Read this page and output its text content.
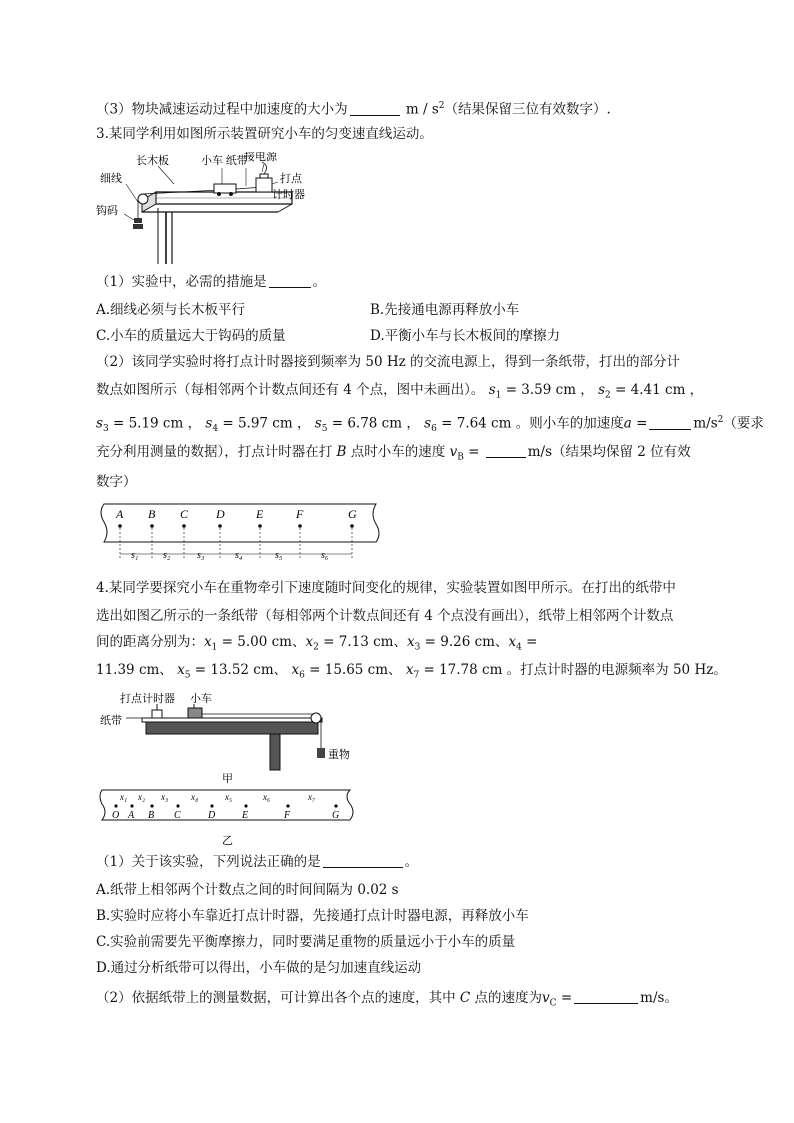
（3）物块减速运动过程中加速度的大小为	m / $s^2$（结果保留三位有效数字）.
3.某同学利用如图所示装置研究小车的匀变速直线运动。
长木板	小车 纸带
接电源
细线	打点
计时器
钩码
（1）实验中，必需的措施是	。
A.细线必须与长木板平行	B.先接通电源再释放小车
C.小车的质量远大于钩码的质量	D.平衡小车与长木板间的摩擦力
（2）该同学实验时将打点计时器接到频率为 50 Hz 的交流电源上，得到一条纸带，打出的部分计
数点如图所示（每相邻两个计数点间还有 4 个点，图中未画出）。 $s_1 = 3.59$ cm ， $s_2 = 4.41$ cm ，
$s_3 = 5.19$ cm ， $s_4 = 5.97$ cm ， $s_5 = 6.78$ cm ， $s_6 = 7.64$ cm 。则小车的加速度a =	$m/s^2$（要求
充分利用测量的数据），打点计时器在打 B 点时小车的速度 $v_B$ =	m/s（结果均保留 2 位有效
数字）
A B C D	E	F	G
s₁ s₂	s₃	s₄	s₅	s₆
4.某同学要探究小车在重物牵引下速度随时间变化的规律，实验装置如图甲所示。在打出的纸带中
选出如图乙所示的一条纸带（每相邻两个计数点间还有 4 个点没有画出），纸带上相邻两个计数点
间的距离分别为：$x_1 = 5.00$ cm、$x_2 = 7.13$ cm、$x_3 = 9.26$ cm、$x_4$ =
11.39 cm、 $x_5 = 13.52$ cm、 $x_6 = 15.65$ cm、 $x_7 = 17.78$ cm 。打点计时器的电源频率为 50 Hz。
打点计时器 小车
纸带
重物
甲
O A B C	D	E	F	G
x₁ x₂ x₃	x₄	x₅	x₆	x₇
乙
（1）关于该实验，下列说法正确的是	。
A.纸带上相邻两个计数点之间的时间间隔为 0.02 s
B.实验时应将小车靠近打点计时器，先接通打点计时器电源，再释放小车
C.实验前需要先平衡摩擦力，同时要满足重物的质量远小于小车的质量
D.通过分析纸带可以得出，小车做的是匀加速直线运动
（2）依据纸带上的测量数据，可计算出各个点的速度，其中 C 点的速度为$v_C$ =	m/s。
